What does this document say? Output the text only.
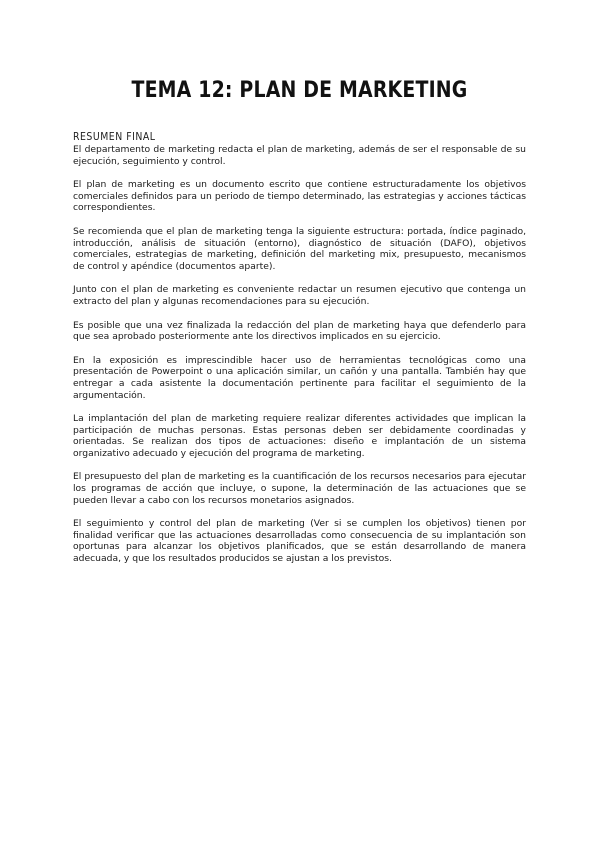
TEMA 12: PLAN DE MARKETING
RESUMEN FINAL

El departamento de marketing redacta el plan de marketing, además de ser el responsable de su ejecución, seguimiento y control.

El plan de marketing es un documento escrito que contiene estructuradamente los objetivos comerciales definidos para un periodo de tiempo determinado, las estrategias y acciones tácticas correspondientes.

Se recomienda que el plan de marketing tenga la siguiente estructura: portada, índice paginado, introducción, análisis de situación (entorno), diagnóstico de situación (DAFO), objetivos comerciales, estrategias de marketing, definición del marketing mix, presupuesto, mecanismos de control y apéndice (documentos aparte).

Junto con el plan de marketing es conveniente redactar un resumen ejecutivo que contenga un extracto del plan y algunas recomendaciones para su ejecución.

Es posible que una vez finalizada la redacción del plan de marketing haya que defenderlo para que sea aprobado posteriormente ante los directivos implicados en su ejercicio.

En la exposición es imprescindible hacer uso de herramientas tecnológicas como una presentación de Powerpoint o una aplicación similar, un cañón y una pantalla. También hay que entregar a cada asistente la documentación pertinente para facilitar el seguimiento de la argumentación.

La implantación del plan de marketing requiere realizar diferentes actividades que implican la participación de muchas personas. Estas personas deben ser debidamente coordinadas y orientadas. Se realizan dos tipos de actuaciones: diseño e implantación de un sistema organizativo adecuado y ejecución del programa de marketing.

El presupuesto del plan de marketing es la cuantificación de los recursos necesarios para ejecutar los programas de acción que incluye, o supone, la determinación de las actuaciones que se pueden llevar a cabo con los recursos monetarios asignados.

El seguimiento y control del plan de marketing (Ver si se cumplen los objetivos) tienen por finalidad verificar que las actuaciones desarrolladas como consecuencia de su implantación son oportunas para alcanzar los objetivos planificados, que se están desarrollando de manera adecuada, y que los resultados producidos se ajustan a los previstos.
